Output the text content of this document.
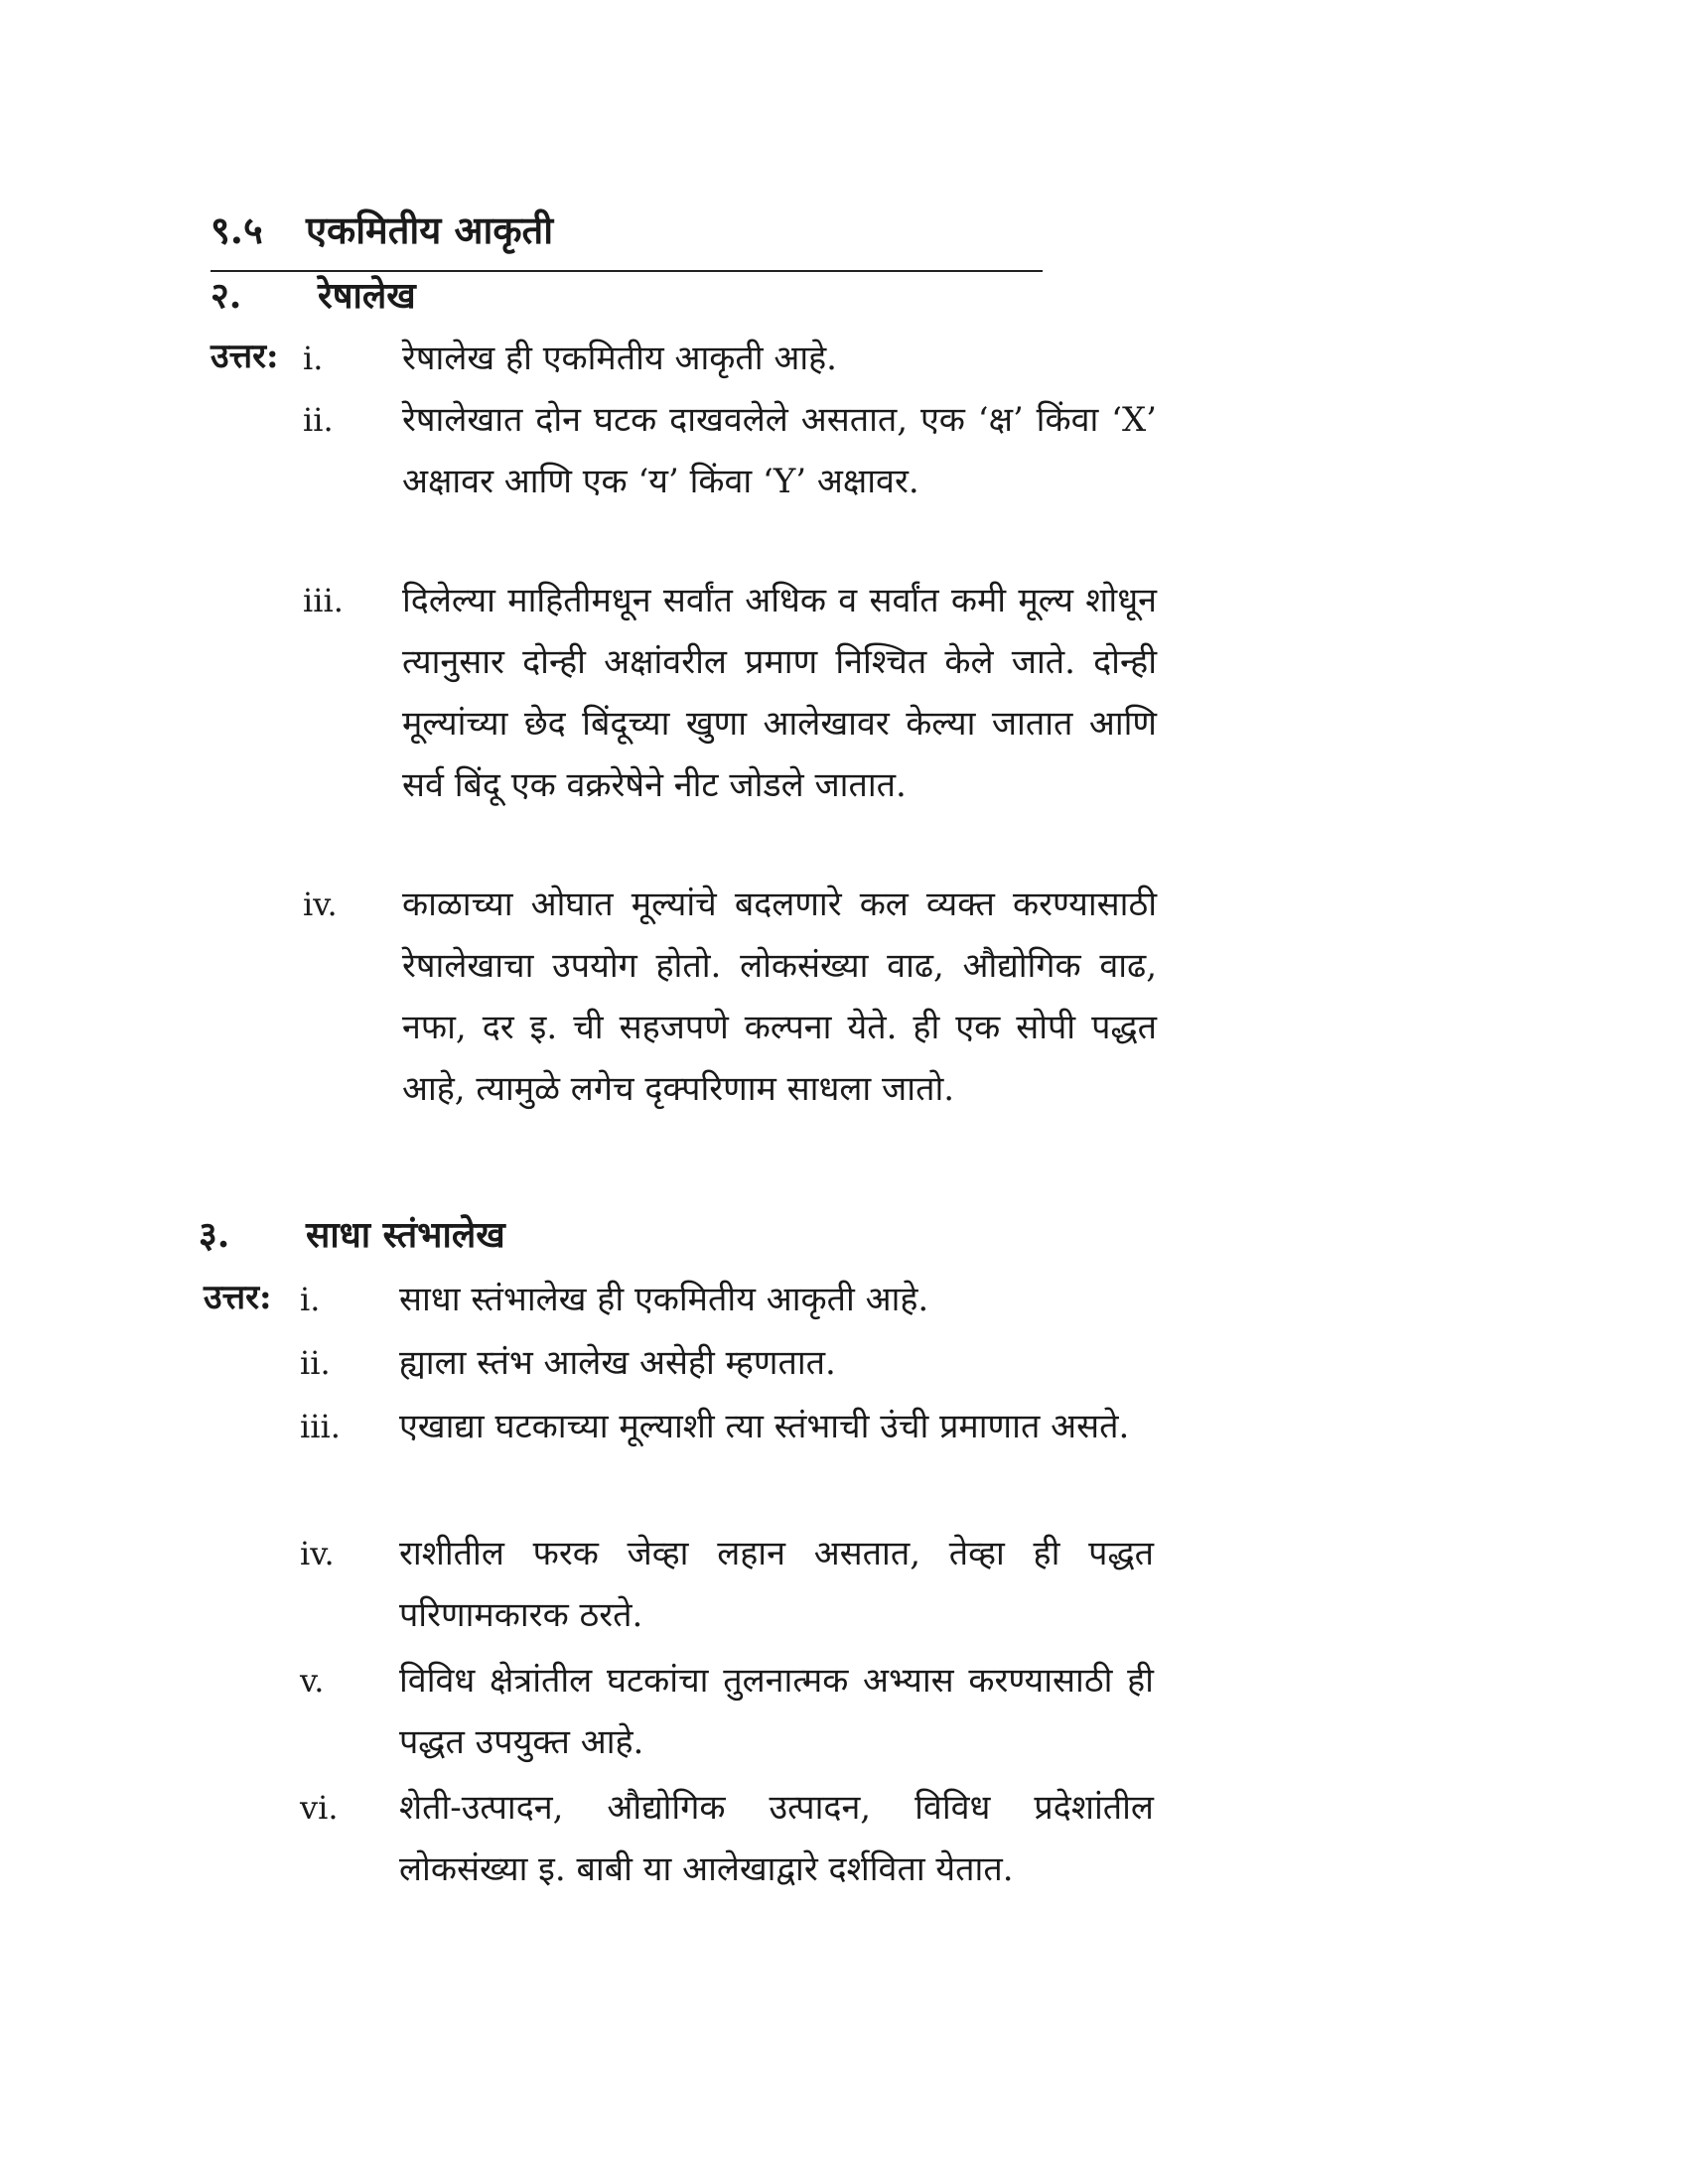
९.५ एकमितीय आकृती
२. रेषालेख
उत्तर: i. रेषालेख ही एकमितीय आकृती आहे.
ii. रेषालेखात दोन घटक दाखवलेले असतात, एक ‘क्ष’ किंवा ‘X’ अक्षावर आणि एक ‘य’ किंवा ‘Y’ अक्षावर.
iii. दिलेल्या माहितीमधून सर्वांत अधिक व सर्वांत कमी मूल्य शोधून त्यानुसार दोन्ही अक्षांवरील प्रमाण निश्चित केले जाते. दोन्ही मूल्यांच्या छेद बिंदूच्या खुणा आलेखावर केल्या जातात आणि सर्व बिंदू एक वक्ररेषेने नीट जोडले जातात.
iv. काळाच्या ओघात मूल्यांचे बदलणारे कल व्यक्त करण्यासाठी रेषालेखाचा उपयोग होतो. लोकसंख्या वाढ, औद्योगिक वाढ, नफा, दर इ. ची सहजपणे कल्पना येते. ही एक सोपी पद्धत आहे, त्यामुळे लगेच दृक्परिणाम साधला जातो.
३. साधा स्तंभालेख
उत्तर: i. साधा स्तंभालेख ही एकमितीय आकृती आहे.
ii. ह्याला स्तंभ आलेख असेही म्हणतात.
iii. एखाद्या घटकाच्या मूल्याशी त्या स्तंभाची उंची प्रमाणात असते.
iv. राशीतील फरक जेव्हा लहान असतात, तेव्हा ही पद्धत परिणामकारक ठरते.
v. विविध क्षेत्रांतील घटकांचा तुलनात्मक अभ्यास करण्यासाठी ही पद्धत उपयुक्त आहे.
vi. शेती-उत्पादन, औद्योगिक उत्पादन, विविध प्रदेशांतील लोकसंख्या इ. बाबी या आलेखाद्वारे दर्शविता येतात.
